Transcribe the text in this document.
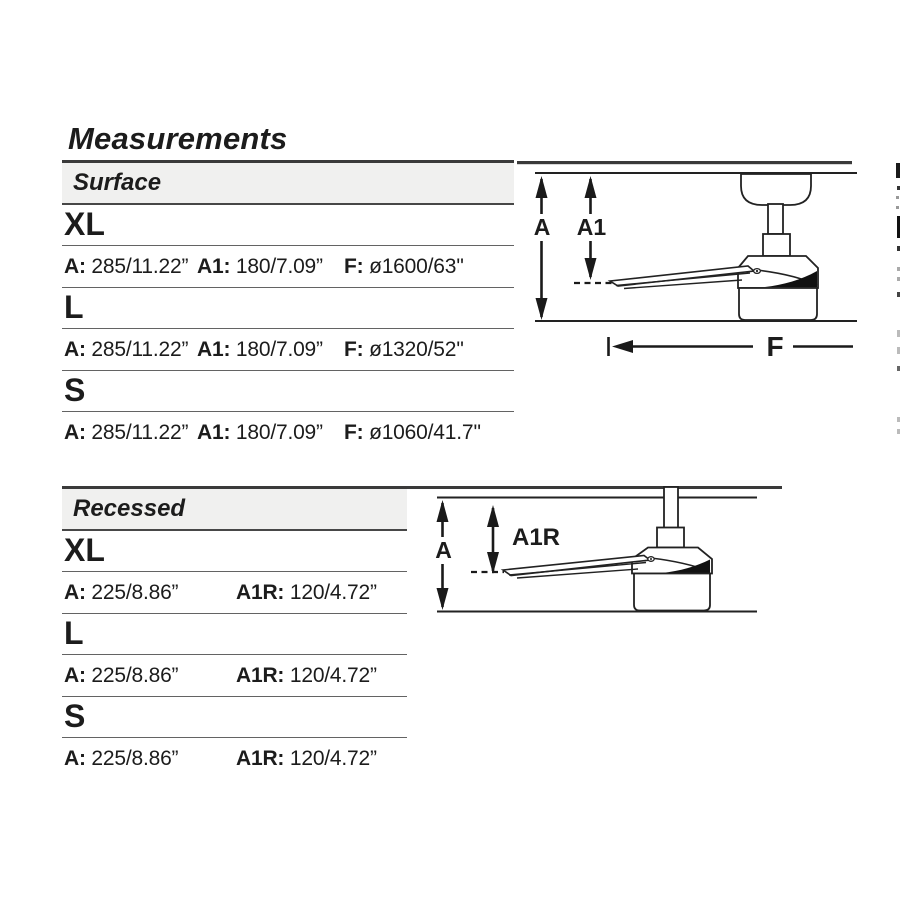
Measurements
Surface
XL
A: 285/11.22” A1: 180/7.09”	F: ø1600/63''
L
A: 285/11.22” A1: 180/7.09”	F: ø1320/52''
S
A: 285/11.22” A1: 180/7.09”	F: ø1060/41.7''
A A1
F
Recessed
XL
A: 225/8.86”	A1R: 120/4.72”
L
A: 225/8.86”	A1R: 120/4.72”
S
A: 225/8.86”	A1R: 120/4.72”
A	A1R
